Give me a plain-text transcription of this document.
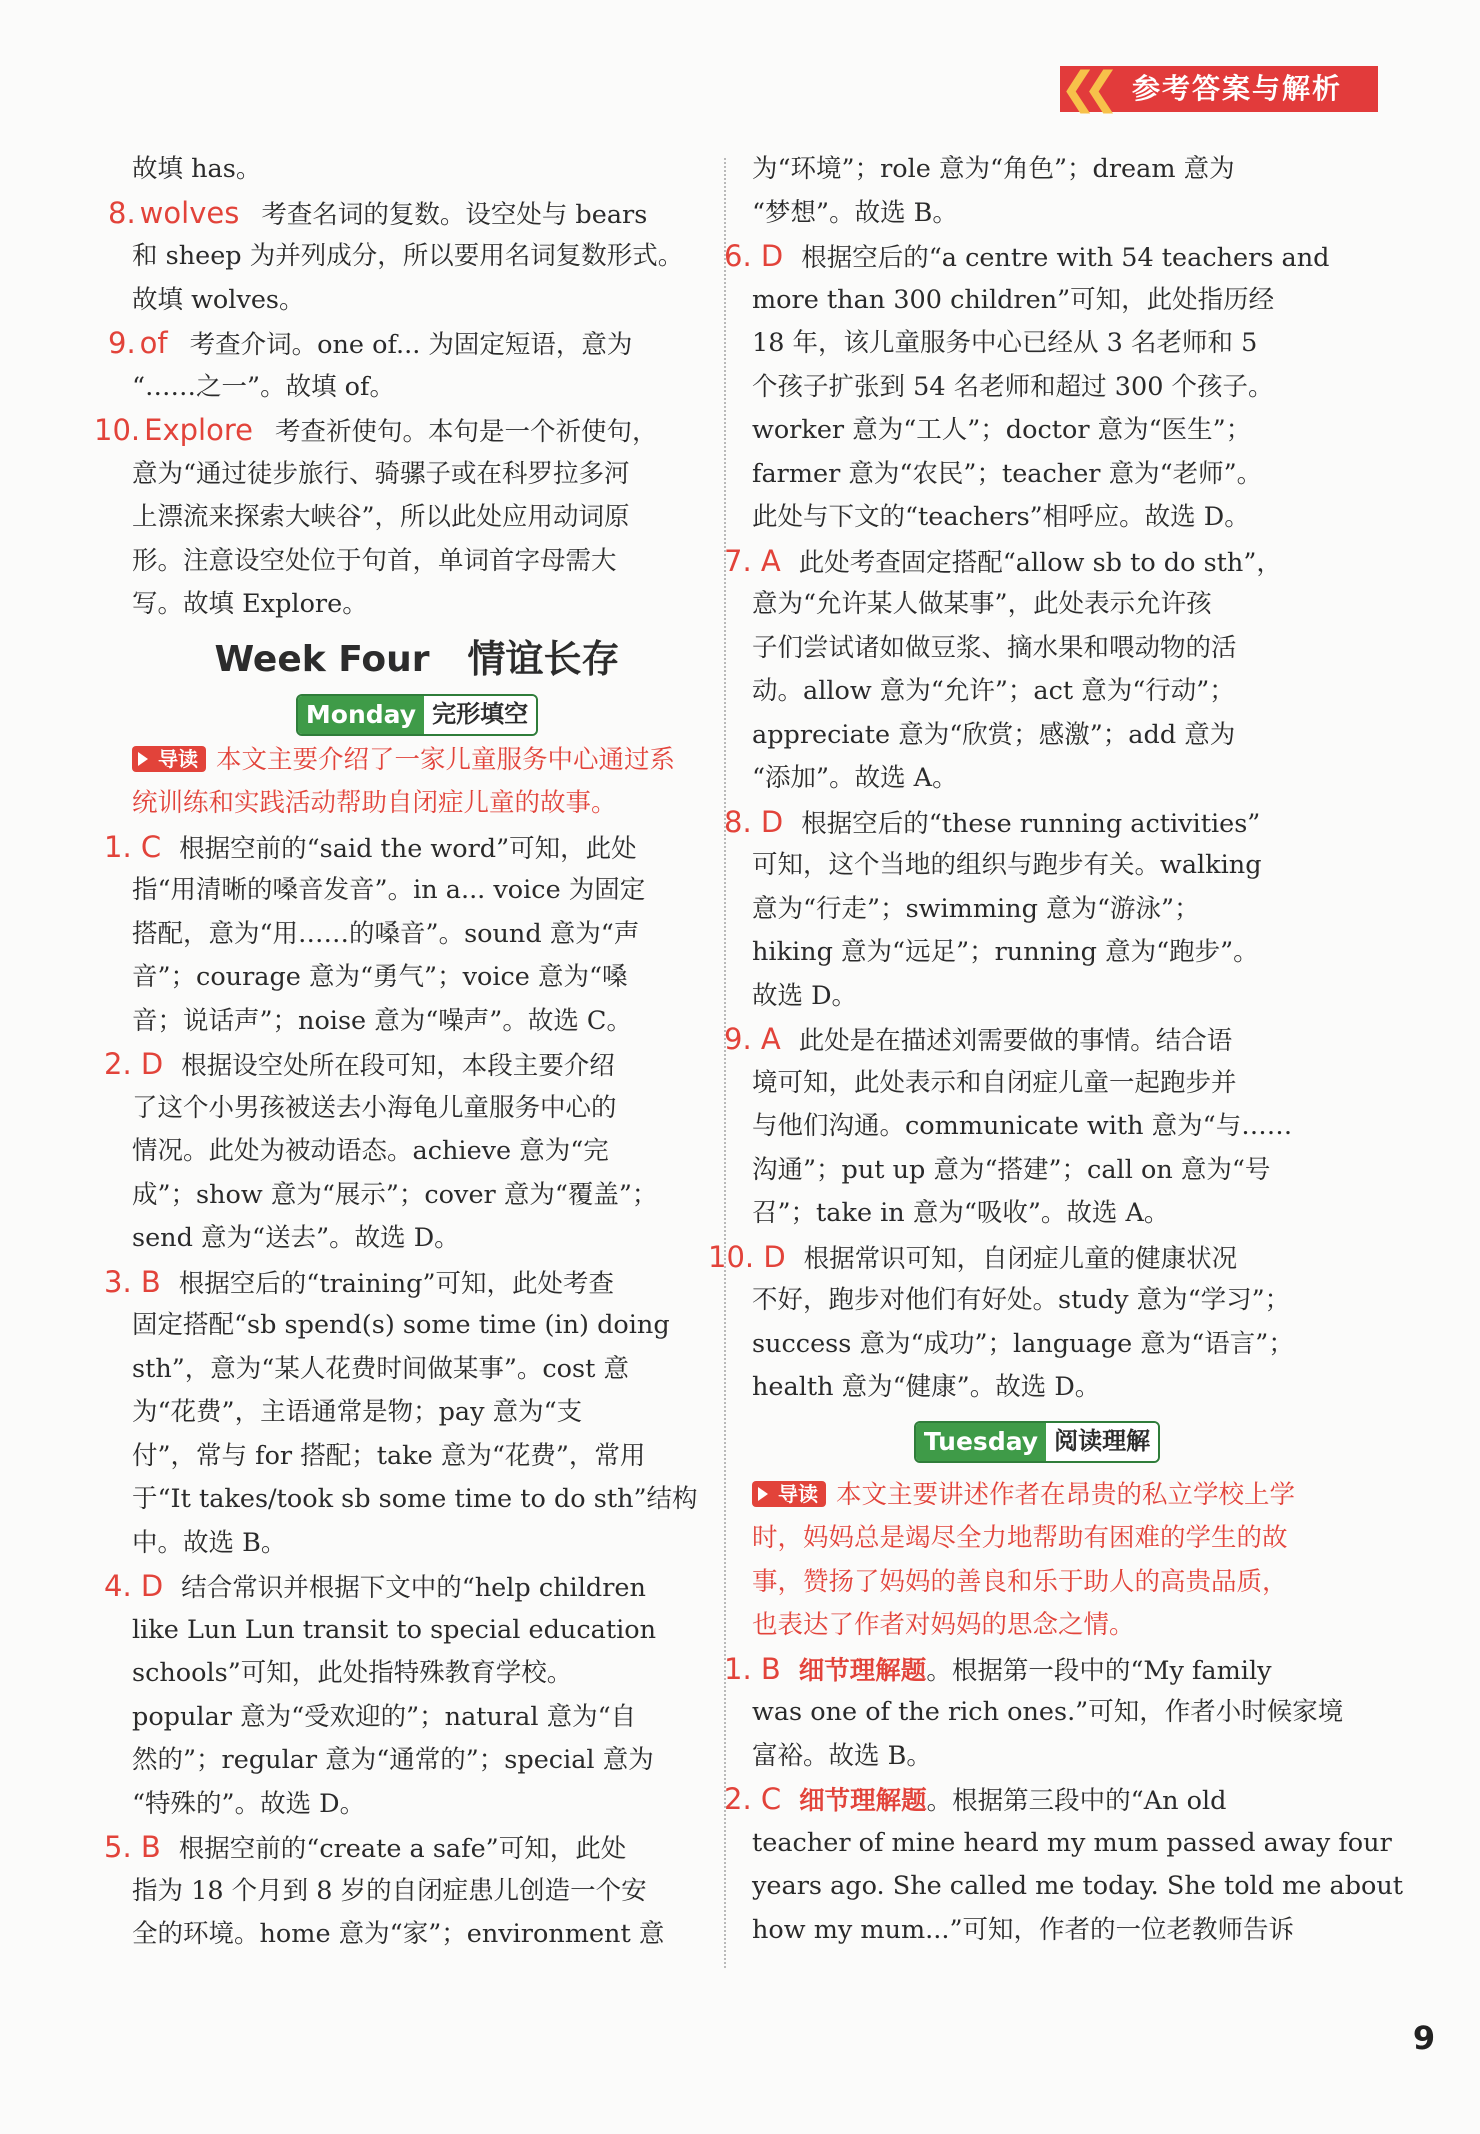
❮❮ 参考答案与解析
故填 has。
8. wolves 考查名词的复数。设空处与 bears
和 sheep 为并列成分，所以要用名词复数形式。
故填 wolves。
9. of 考查介词。one of... 为固定短语，意为
“……之一”。故填 of。
10. Explore 考查祈使句。本句是一个祈使句，
意为“通过徒步旅行、骑骡子或在科罗拉多河
上漂流来探索大峡谷”，所以此处应用动词原
形。注意设空处位于句首，单词首字母需大
写。故填 Explore。
Week Four 情谊长存
Monday 完形填空
导读 本文主要介绍了一家儿童服务中心通过系
统训练和实践活动帮助自闭症儿童的故事。
1. C 根据空前的“said the word”可知，此处
指“用清晰的嗓音发音”。in a... voice 为固定
搭配，意为“用……的嗓音”。sound 意为“声
音”；courage 意为“勇气”；voice 意为“嗓
音；说话声”；noise 意为“噪声”。故选 C。
2. D 根据设空处所在段可知，本段主要介绍
了这个小男孩被送去小海龟儿童服务中心的
情况。此处为被动语态。achieve 意为“完
成”；show 意为“展示”；cover 意为“覆盖”；
send 意为“送去”。故选 D。
3. B 根据空后的“training”可知，此处考查
固定搭配“sb spend(s) some time (in) doing
sth”，意为“某人花费时间做某事”。cost 意
为“花费”，主语通常是物；pay 意为“支
付”，常与 for 搭配；take 意为“花费”，常用
于“It takes/took sb some time to do sth”结构
中。故选 B。
4. D 结合常识并根据下文中的“help children
like Lun Lun transit to special education
schools”可知，此处指特殊教育学校。
popular 意为“受欢迎的”；natural 意为“自
然的”；regular 意为“通常的”；special 意为
“特殊的”。故选 D。
5. B 根据空前的“create a safe”可知，此处
指为 18 个月到 8 岁的自闭症患儿创造一个安
全的环境。home 意为“家”；environment 意
为“环境”；role 意为“角色”；dream 意为
“梦想”。故选 B。
6. D 根据空后的“a centre with 54 teachers and
more than 300 children”可知，此处指历经
18 年，该儿童服务中心已经从 3 名老师和 5
个孩子扩张到 54 名老师和超过 300 个孩子。
worker 意为“工人”；doctor 意为“医生”；
farmer 意为“农民”；teacher 意为“老师”。
此处与下文的“teachers”相呼应。故选 D。
7. A 此处考查固定搭配“allow sb to do sth”，
意为“允许某人做某事”，此处表示允许孩
子们尝试诸如做豆浆、摘水果和喂动物的活
动。allow 意为“允许”；act 意为“行动”；
appreciate 意为“欣赏；感激”；add 意为
“添加”。故选 A。
8. D 根据空后的“these running activities”
可知，这个当地的组织与跑步有关。walking
意为“行走”；swimming 意为“游泳”；
hiking 意为“远足”；running 意为“跑步”。
故选 D。
9. A 此处是在描述刘需要做的事情。结合语
境可知，此处表示和自闭症儿童一起跑步并
与他们沟通。communicate with 意为“与……
沟通”；put up 意为“搭建”；call on 意为“号
召”；take in 意为“吸收”。故选 A。
10. D 根据常识可知，自闭症儿童的健康状况
不好，跑步对他们有好处。study 意为“学习”；
success 意为“成功”；language 意为“语言”；
health 意为“健康”。故选 D。
Tuesday 阅读理解
导读 本文主要讲述作者在昂贵的私立学校上学
时，妈妈总是竭尽全力地帮助有困难的学生的故
事，赞扬了妈妈的善良和乐于助人的高贵品质，
也表达了作者对妈妈的思念之情。
1. B 细节理解题。根据第一段中的“My family
was one of the rich ones.”可知，作者小时候家境
富裕。故选 B。
2. C 细节理解题。根据第三段中的“An old
teacher of mine heard my mum passed away four
years ago. She called me today. She told me about
how my mum...”可知，作者的一位老教师告诉
9
